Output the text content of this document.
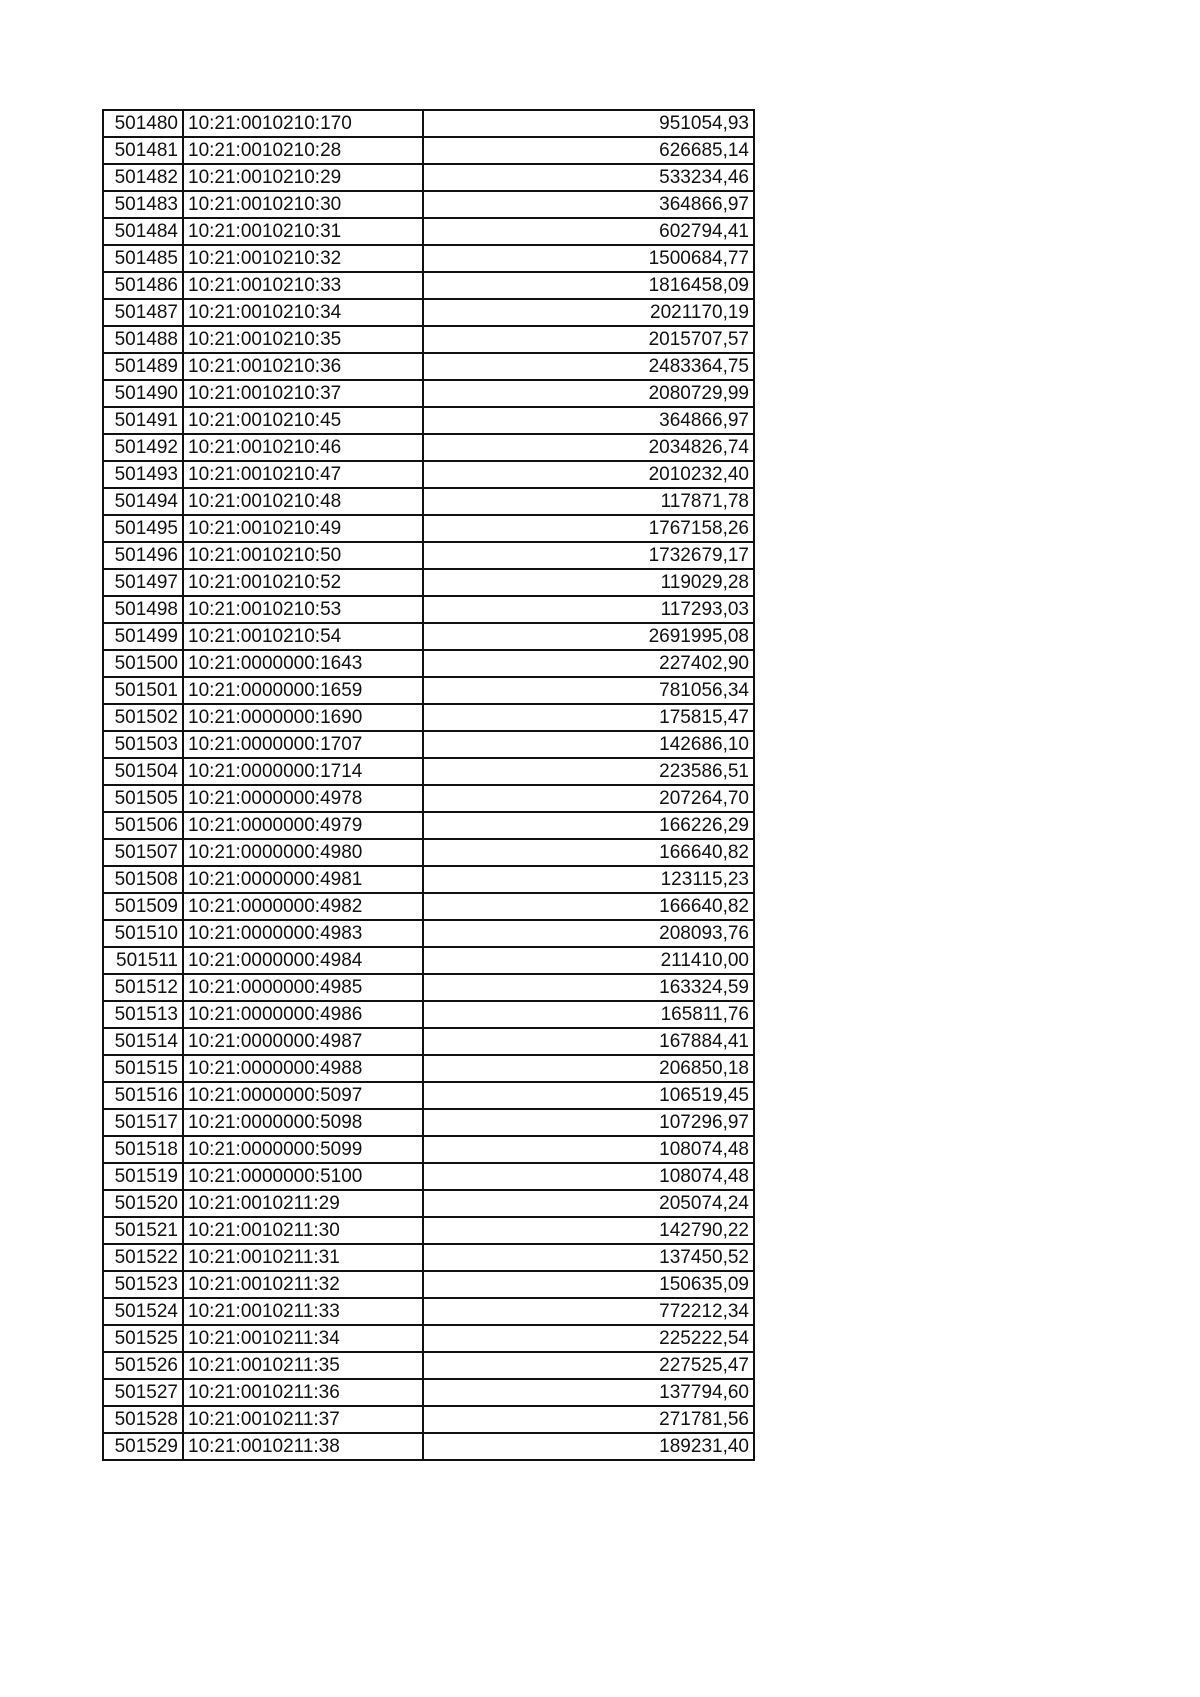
501480	10:21:0010210:170	951054,93
501481	10:21:0010210:28	626685,14
501482	10:21:0010210:29	533234,46
501483	10:21:0010210:30	364866,97
501484	10:21:0010210:31	602794,41
501485	10:21:0010210:32	1500684,77
501486	10:21:0010210:33	1816458,09
501487	10:21:0010210:34	2021170,19
501488	10:21:0010210:35	2015707,57
501489	10:21:0010210:36	2483364,75
501490	10:21:0010210:37	2080729,99
501491	10:21:0010210:45	364866,97
501492	10:21:0010210:46	2034826,74
501493	10:21:0010210:47	2010232,40
501494	10:21:0010210:48	117871,78
501495	10:21:0010210:49	1767158,26
501496	10:21:0010210:50	1732679,17
501497	10:21:0010210:52	119029,28
501498	10:21:0010210:53	117293,03
501499	10:21:0010210:54	2691995,08
501500	10:21:0000000:1643	227402,90
501501	10:21:0000000:1659	781056,34
501502	10:21:0000000:1690	175815,47
501503	10:21:0000000:1707	142686,10
501504	10:21:0000000:1714	223586,51
501505	10:21:0000000:4978	207264,70
501506	10:21:0000000:4979	166226,29
501507	10:21:0000000:4980	166640,82
501508	10:21:0000000:4981	123115,23
501509	10:21:0000000:4982	166640,82
501510	10:21:0000000:4983	208093,76
501511	10:21:0000000:4984	211410,00
501512	10:21:0000000:4985	163324,59
501513	10:21:0000000:4986	165811,76
501514	10:21:0000000:4987	167884,41
501515	10:21:0000000:4988	206850,18
501516	10:21:0000000:5097	106519,45
501517	10:21:0000000:5098	107296,97
501518	10:21:0000000:5099	108074,48
501519	10:21:0000000:5100	108074,48
501520	10:21:0010211:29	205074,24
501521	10:21:0010211:30	142790,22
501522	10:21:0010211:31	137450,52
501523	10:21:0010211:32	150635,09
501524	10:21:0010211:33	772212,34
501525	10:21:0010211:34	225222,54
501526	10:21:0010211:35	227525,47
501527	10:21:0010211:36	137794,60
501528	10:21:0010211:37	271781,56
501529	10:21:0010211:38	189231,40
